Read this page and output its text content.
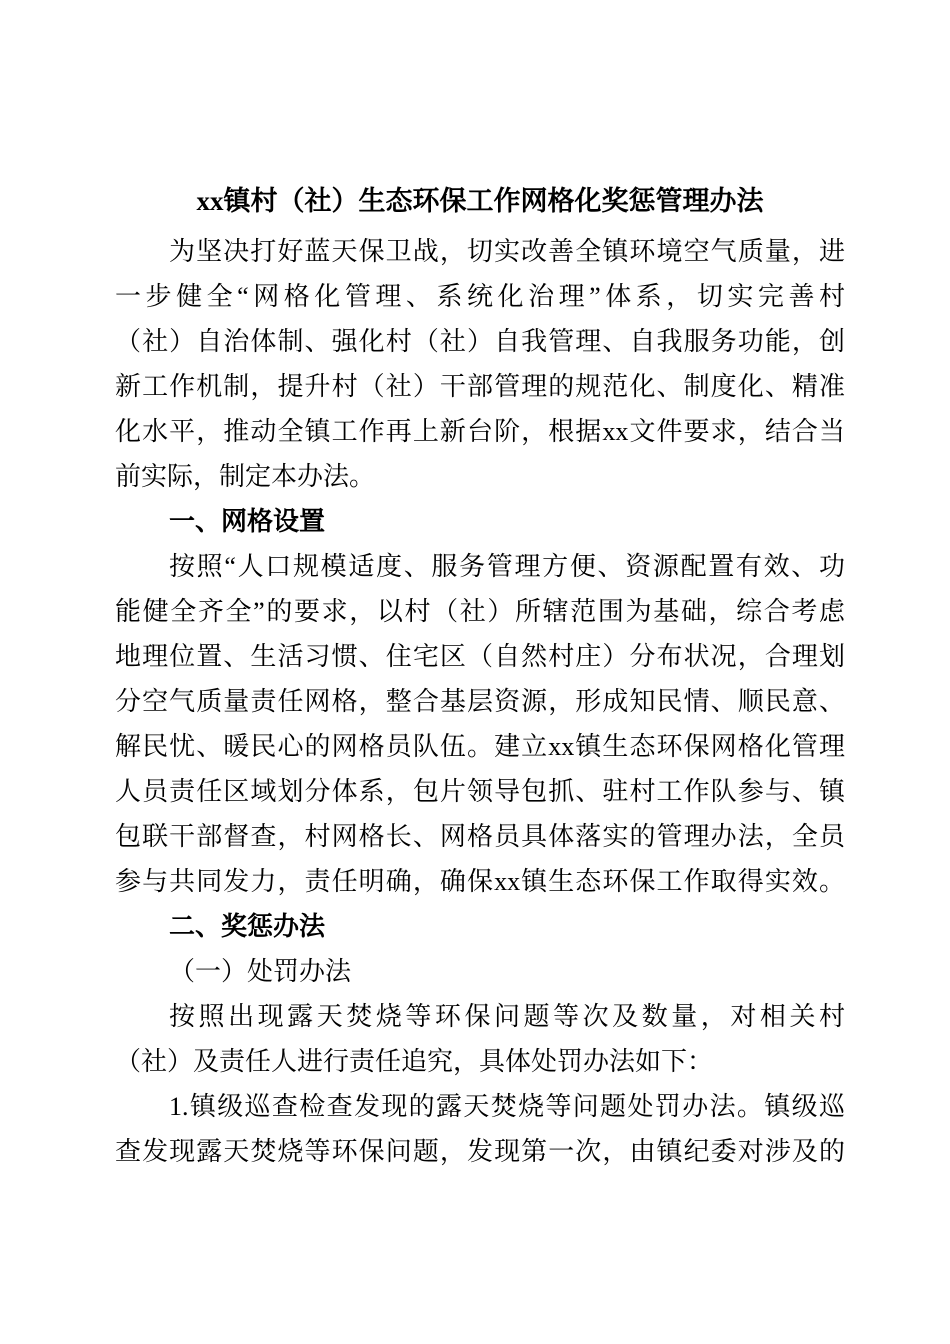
xx镇村（社）生态环保工作网格化奖惩管理办法
为坚决打好蓝天保卫战，切实改善全镇环境空气质量，进
一步健全“网格化管理、系统化治理”体系，切实完善村
（社）自治体制、强化村（社）自我管理、自我服务功能，创
新工作机制，提升村（社）干部管理的规范化、制度化、精准
化水平，推动全镇工作再上新台阶，根据xx文件要求，结合当
前实际，制定本办法。
一、网格设置
按照“人口规模适度、服务管理方便、资源配置有效、功
能健全齐全”的要求，以村（社）所辖范围为基础，综合考虑
地理位置、生活习惯、住宅区（自然村庄）分布状况，合理划
分空气质量责任网格，整合基层资源，形成知民情、顺民意、
解民忧、暖民心的网格员队伍。建立xx镇生态环保网格化管理
人员责任区域划分体系，包片领导包抓、驻村工作队参与、镇
包联干部督查，村网格长、网格员具体落实的管理办法，全员
参与共同发力，责任明确，确保xx镇生态环保工作取得实效。
二、奖惩办法
（一）处罚办法
按照出现露天焚烧等环保问题等次及数量，对相关村
（社）及责任人进行责任追究，具体处罚办法如下：
1.镇级巡查检查发现的露天焚烧等问题处罚办法。镇级巡
查发现露天焚烧等环保问题，发现第一次，由镇纪委对涉及的
